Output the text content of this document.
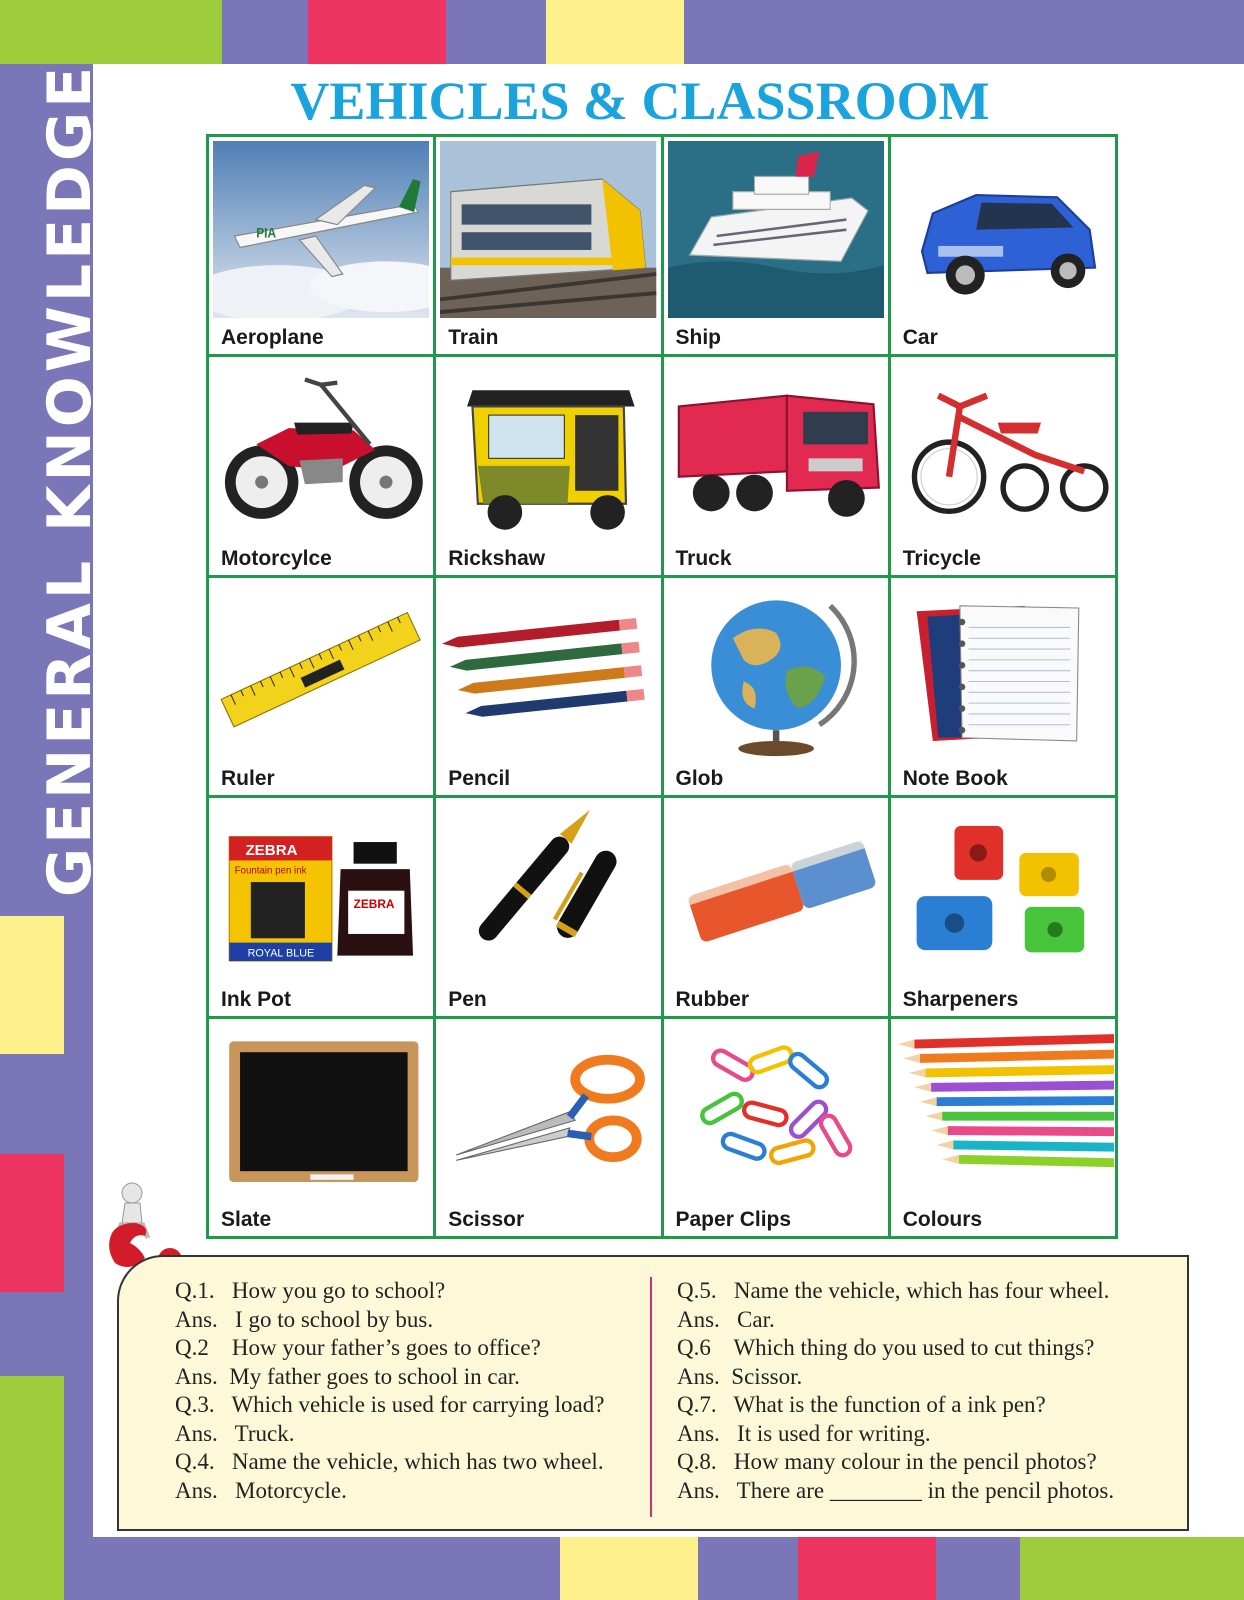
GENERAL KNOWLEDGE	VEHICLES & CLASSROOM
PIA
Aeroplane	Train	Ship	Car
Motorcylce	Rickshaw	Truck	Tricycle
Ruler	Pencil	Glob	Note Book
ZEBRA
Fountain pen ink
ROYAL BLUE
ZEBRA
Ink Pot	Pen	Rubber	Sharpeners
Slate	Scissor	Paper Clips	Colours
Q.1.   How you go to school?
Ans.   I go to school by bus.
Q.2    How your father’s goes to office?
Ans.  My father goes to school in car.
Q.3.   Which vehicle is used for carrying load?
Ans.   Truck.
Q.4.   Name the vehicle, which has two wheel.
Ans.   Motorcycle.
Q.5.   Name the vehicle, which has four wheel.
Ans.   Car.
Q.6    Which thing do you used to cut things?
Ans.  Scissor.
Q.7.   What is the function of a ink pen?
Ans.   It is used for writing.
Q.8.   How many colour in the pencil photos?
Ans.   There are ________ in the pencil photos.
